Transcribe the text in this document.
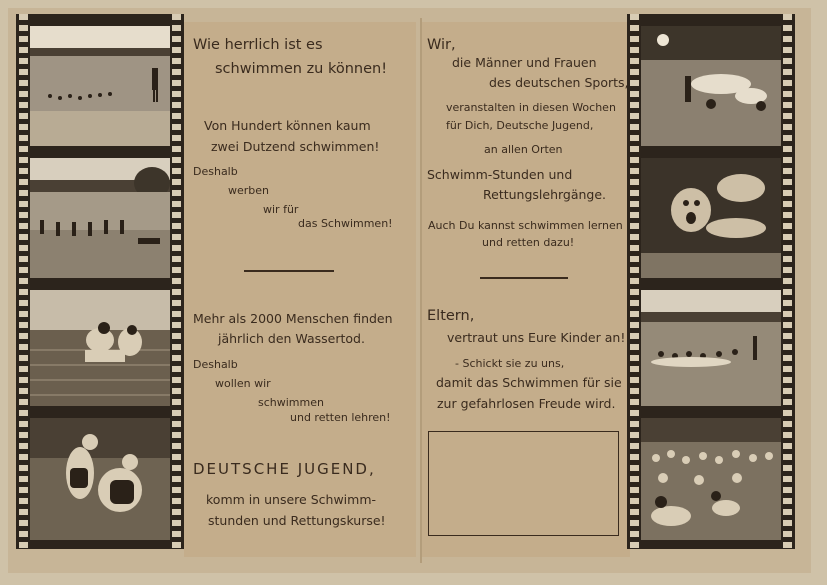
Wie herrlich ist es
schwimmen zu können!
Von Hundert können kaum
zwei Dutzend schwimmen!
Deshalb
werben
wir für
das Schwimmen!
Mehr als 2000 Menschen finden
jährlich den Wassertod.
Deshalb
wollen wir
schwimmen
und retten lehren!
DEUTSCHE JUGEND,
komm in unsere Schwimm-
stunden und Rettungskurse!
Wir,
die Männer und Frauen
des deutschen Sports,
veranstalten in diesen Wochen
für Dich, Deutsche Jugend,
an allen Orten
Schwimm-Stunden und
Rettungslehrgänge.
Auch Du kannst schwimmen lernen
und retten dazu!
Eltern,
vertraut uns Eure Kinder an!
- Schickt sie zu uns,
damit das Schwimmen für sie
zur gefahrlosen Freude wird.
